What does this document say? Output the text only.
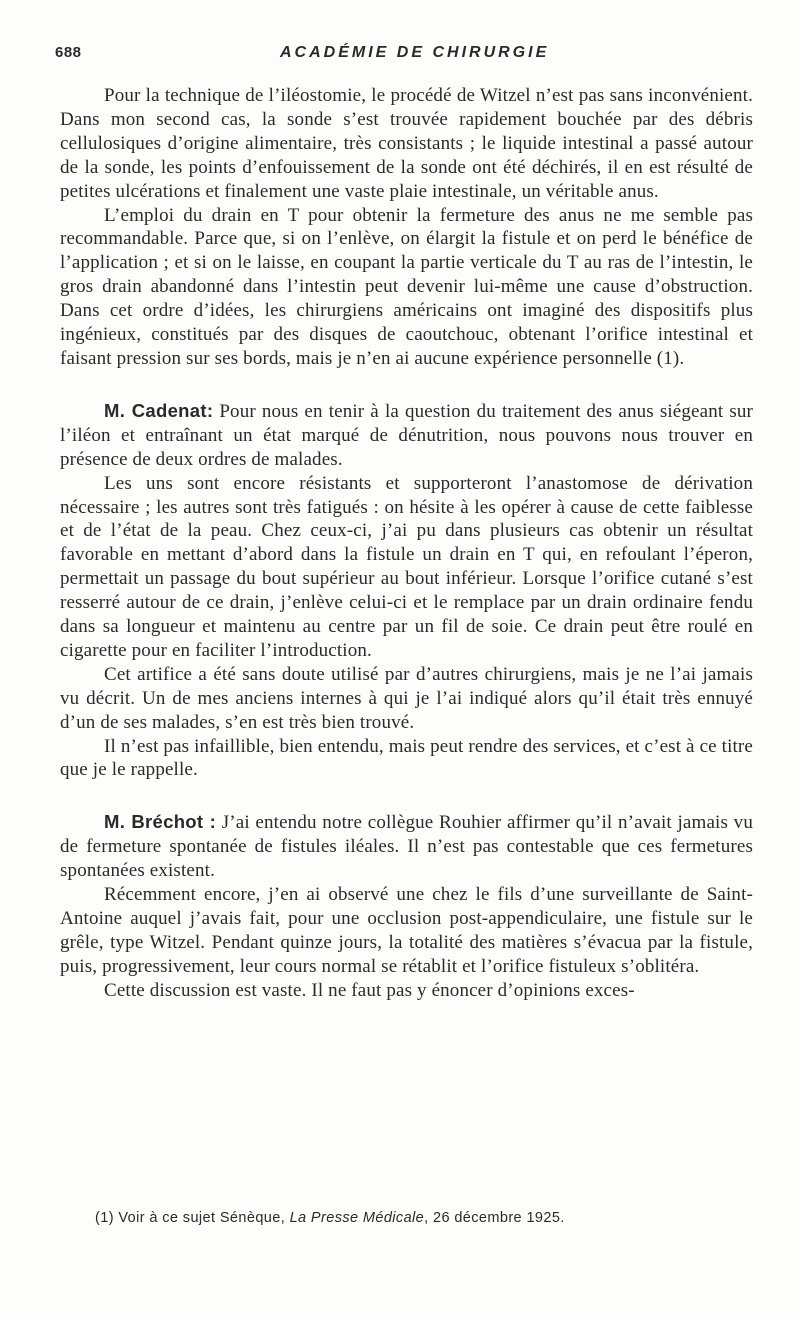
688	ACADÉMIE DE CHIRURGIE

Pour la technique de l’iléostomie, le procédé de Witzel n’est pas sans inconvénient. Dans mon second cas, la sonde s’est trouvée rapidement bouchée par des débris cellulosiques d’origine alimentaire, très consistants ; le liquide intestinal a passé autour de la sonde, les points d’enfouissement de la sonde ont été déchirés, il en est résulté de petites ulcérations et finalement une vaste plaie intestinale, un véritable anus.

L’emploi du drain en T pour obtenir la fermeture des anus ne me semble pas recommandable. Parce que, si on l’enlève, on élargit la fistule et on perd le bénéfice de l’application ; et si on le laisse, en coupant la partie verticale du T au ras de l’intestin, le gros drain abandonné dans l’intestin peut devenir lui-même une cause d’obstruction. Dans cet ordre d’idées, les chirurgiens américains ont imaginé des dispositifs plus ingénieux, constitués par des disques de caoutchouc, obtenant l’orifice intestinal et faisant pression sur ses bords, mais je n’en ai aucune expérience personnelle (1).

M. Cadenat: Pour nous en tenir à la question du traitement des anus siégeant sur l’iléon et entraînant un état marqué de dénutrition, nous pouvons nous trouver en présence de deux ordres de malades.

Les uns sont encore résistants et supporteront l’anastomose de dérivation nécessaire ; les autres sont très fatigués : on hésite à les opérer à cause de cette faiblesse et de l’état de la peau. Chez ceux-ci, j’ai pu dans plusieurs cas obtenir un résultat favorable en mettant d’abord dans la fistule un drain en T qui, en refoulant l’éperon, permettait un passage du bout supérieur au bout inférieur. Lorsque l’orifice cutané s’est resserré autour de ce drain, j’enlève celui-ci et le remplace par un drain ordinaire fendu dans sa longueur et maintenu au centre par un fil de soie. Ce drain peut être roulé en cigarette pour en faciliter l’introduction.

Cet artifice a été sans doute utilisé par d’autres chirurgiens, mais je ne l’ai jamais vu décrit. Un de mes anciens internes à qui je l’ai indiqué alors qu’il était très ennuyé d’un de ses malades, s’en est très bien trouvé.

Il n’est pas infaillible, bien entendu, mais peut rendre des services, et c’est à ce titre que je le rappelle.

M. Bréchot : J’ai entendu notre collègue Rouhier affirmer qu’il n’avait jamais vu de fermeture spontanée de fistules iléales. Il n’est pas contestable que ces fermetures spontanées existent.

Récemment encore, j’en ai observé une chez le fils d’une surveillante de Saint-Antoine auquel j’avais fait, pour une occlusion post-appendiculaire, une fistule sur le grêle, type Witzel. Pendant quinze jours, la totalité des matières s’évacua par la fistule, puis, progressivement, leur cours normal se rétablit et l’orifice fistuleux s’oblitéra.

Cette discussion est vaste. Il ne faut pas y énoncer d’opinions exces-

(1) Voir à ce sujet Sénèque, La Presse Médicale, 26 décembre 1925.
